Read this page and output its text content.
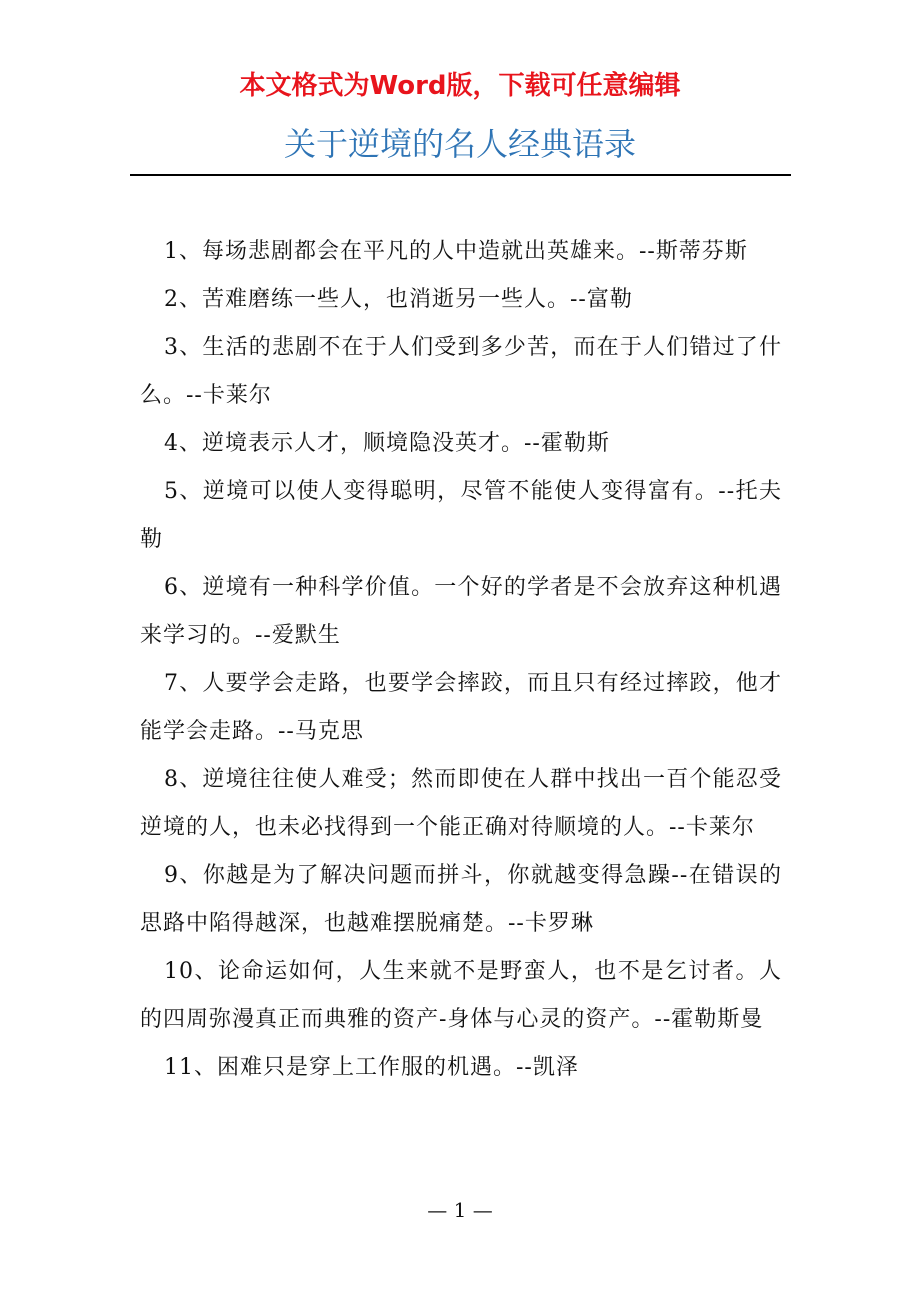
本文格式为Word版，下载可任意编辑
关于逆境的名人经典语录

1、每场悲剧都会在平凡的人中造就出英雄来。--斯蒂芬斯

2、苦难磨练一些人，也消逝另一些人。--富勒

3、生活的悲剧不在于人们受到多少苦，而在于人们错过了什么。--卡莱尔

4、逆境表示人才，顺境隐没英才。--霍勒斯

5、逆境可以使人变得聪明，尽管不能使人变得富有。--托夫勒

6、逆境有一种科学价值。一个好的学者是不会放弃这种机遇来学习的。--爱默生

7、人要学会走路，也要学会摔跤，而且只有经过摔跤，他才能学会走路。--马克思

8、逆境往往使人难受；然而即使在人群中找出一百个能忍受逆境的人，也未必找得到一个能正确对待顺境的人。--卡莱尔

9、你越是为了解决问题而拼斗，你就越变得急躁--在错误的思路中陷得越深，也越难摆脱痛楚。--卡罗琳

10、论命运如何，人生来就不是野蛮人，也不是乞讨者。人的四周弥漫真正而典雅的资产-身体与心灵的资产。--霍勒斯曼

11、困难只是穿上工作服的机遇。--凯泽

— 1 —
